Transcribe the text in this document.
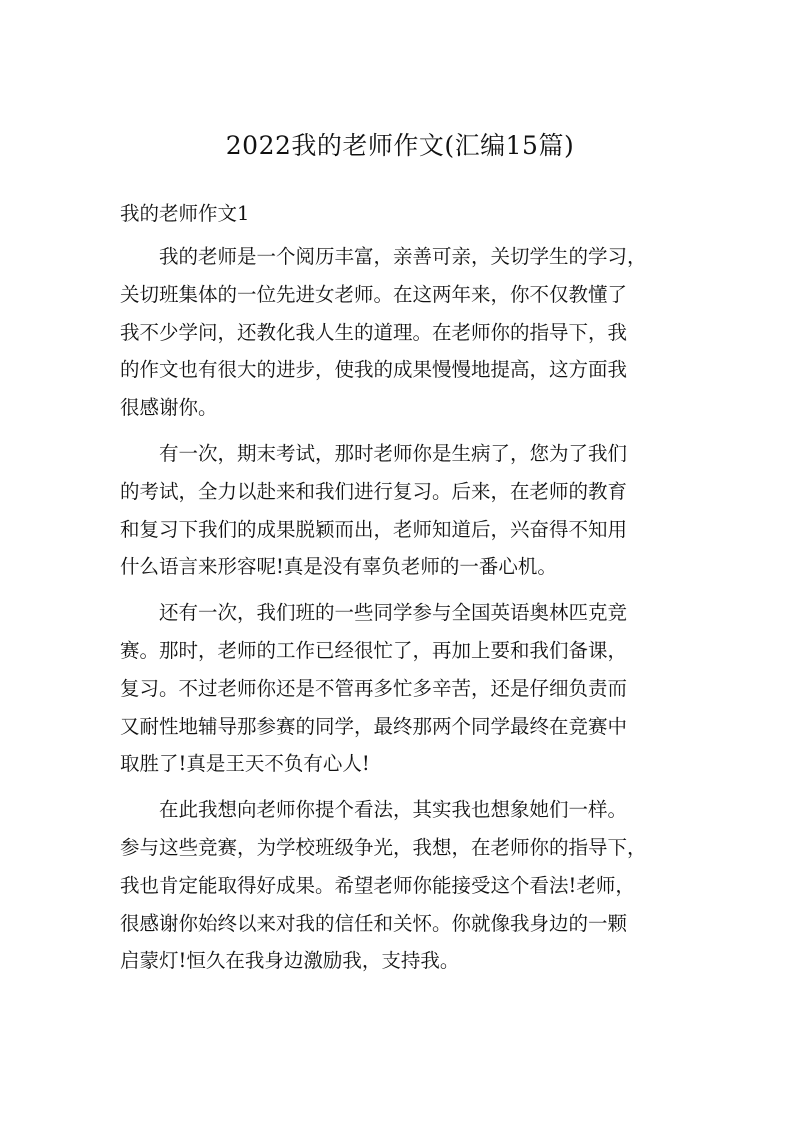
2022我的老师作文(汇编15篇)
我的老师作文1
我的老师是一个阅历丰富，亲善可亲，关切学生的学习，
关切班集体的一位先进女老师。在这两年来，你不仅教懂了
我不少学问，还教化我人生的道理。在老师你的指导下，我
的作文也有很大的进步，使我的成果慢慢地提高，这方面我
很感谢你。
有一次，期末考试，那时老师你是生病了，您为了我们
的考试，全力以赴来和我们进行复习。后来，在老师的教育
和复习下我们的成果脱颖而出，老师知道后，兴奋得不知用
什么语言来形容呢!真是没有辜负老师的一番心机。
还有一次，我们班的一些同学参与全国英语奥林匹克竞
赛。那时，老师的工作已经很忙了，再加上要和我们备课，
复习。不过老师你还是不管再多忙多辛苦，还是仔细负责而
又耐性地辅导那参赛的同学，最终那两个同学最终在竞赛中
取胜了!真是王天不负有心人!
在此我想向老师你提个看法，其实我也想象她们一样。
参与这些竞赛，为学校班级争光，我想，在老师你的指导下，
我也肯定能取得好成果。希望老师你能接受这个看法!老师，
很感谢你始终以来对我的信任和关怀。你就像我身边的一颗
启蒙灯!恒久在我身边激励我，支持我。
